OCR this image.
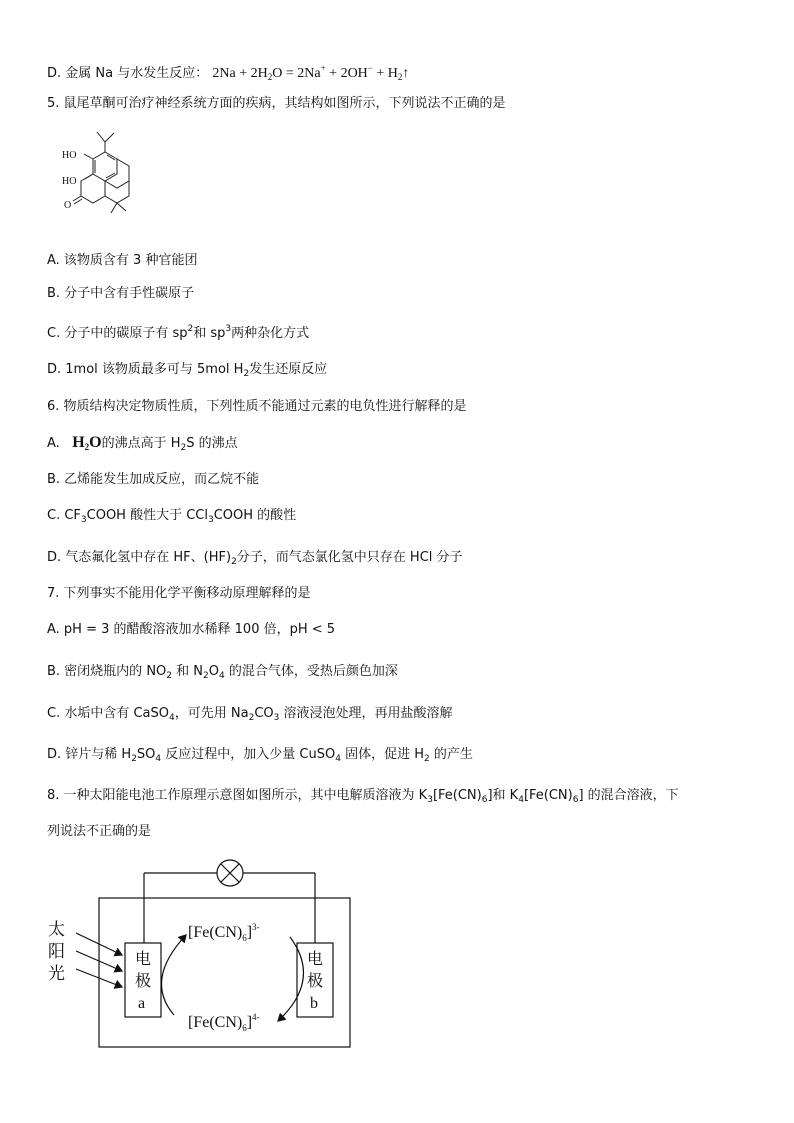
D. 金属 Na 与水发生反应： $2Na + 2H_2O = 2Na^+ + 2OH^-$ + $H_2↑$
5. 鼠尾草酮可治疗神经系统方面的疾病，其结构如图所示，下列说法不正确的是
HO
HO
O
A. 该物质含有 3 种官能团
B. 分子中含有手性碳原子
C. 分子中的碳原子有 $sp^2$和 $sp^3$两种杂化方式
D. 1mol 该物质最多可与 5mol $H_2$发生还原反应
6. 物质结构决定物质性质，下列性质不能通过元素的电负性进行解释的是
A. $H_2O$的沸点高于 $H_2S$ 的沸点
B. 乙烯能发生加成反应，而乙烷不能
C. $CF_3COOH$ 酸性大于 CCl$_3$COOH 的酸性
D. 气态氟化氢中存在 HF、$(HF)_2$分子，而气态氯化氢中只存在 HCl 分子
7. 下列事实不能用化学平衡移动原理解释的是
A. pH = 3 的醋酸溶液加水稀释 100 倍，pH < 5
B. 密闭烧瓶内的 $NO_2$ 和 $N_2O_4$ 的混合气体，受热后颜色加深
C. 水垢中含有 CaSO$_4$，可先用 $Na_2CO_3$ 溶液浸泡处理，再用盐酸溶解
D. 锌片与稀 $H_2SO_4$ 反应过程中，加入少量 CuSO$_4$ 固体，促进 $H_2$ 的产生
8. 一种太阳能电池工作原理示意图如图所示，其中电解质溶液为 $K_3[Fe(CN)_6]$和 $K_4[Fe(CN)_6]$ 的混合溶液，下
列说法不正确的是
太
阳
光
电
极
a
电
极
b
$[Fe(CN)_6]^{3-}$
$[Fe(CN)_6]^{4-}$
